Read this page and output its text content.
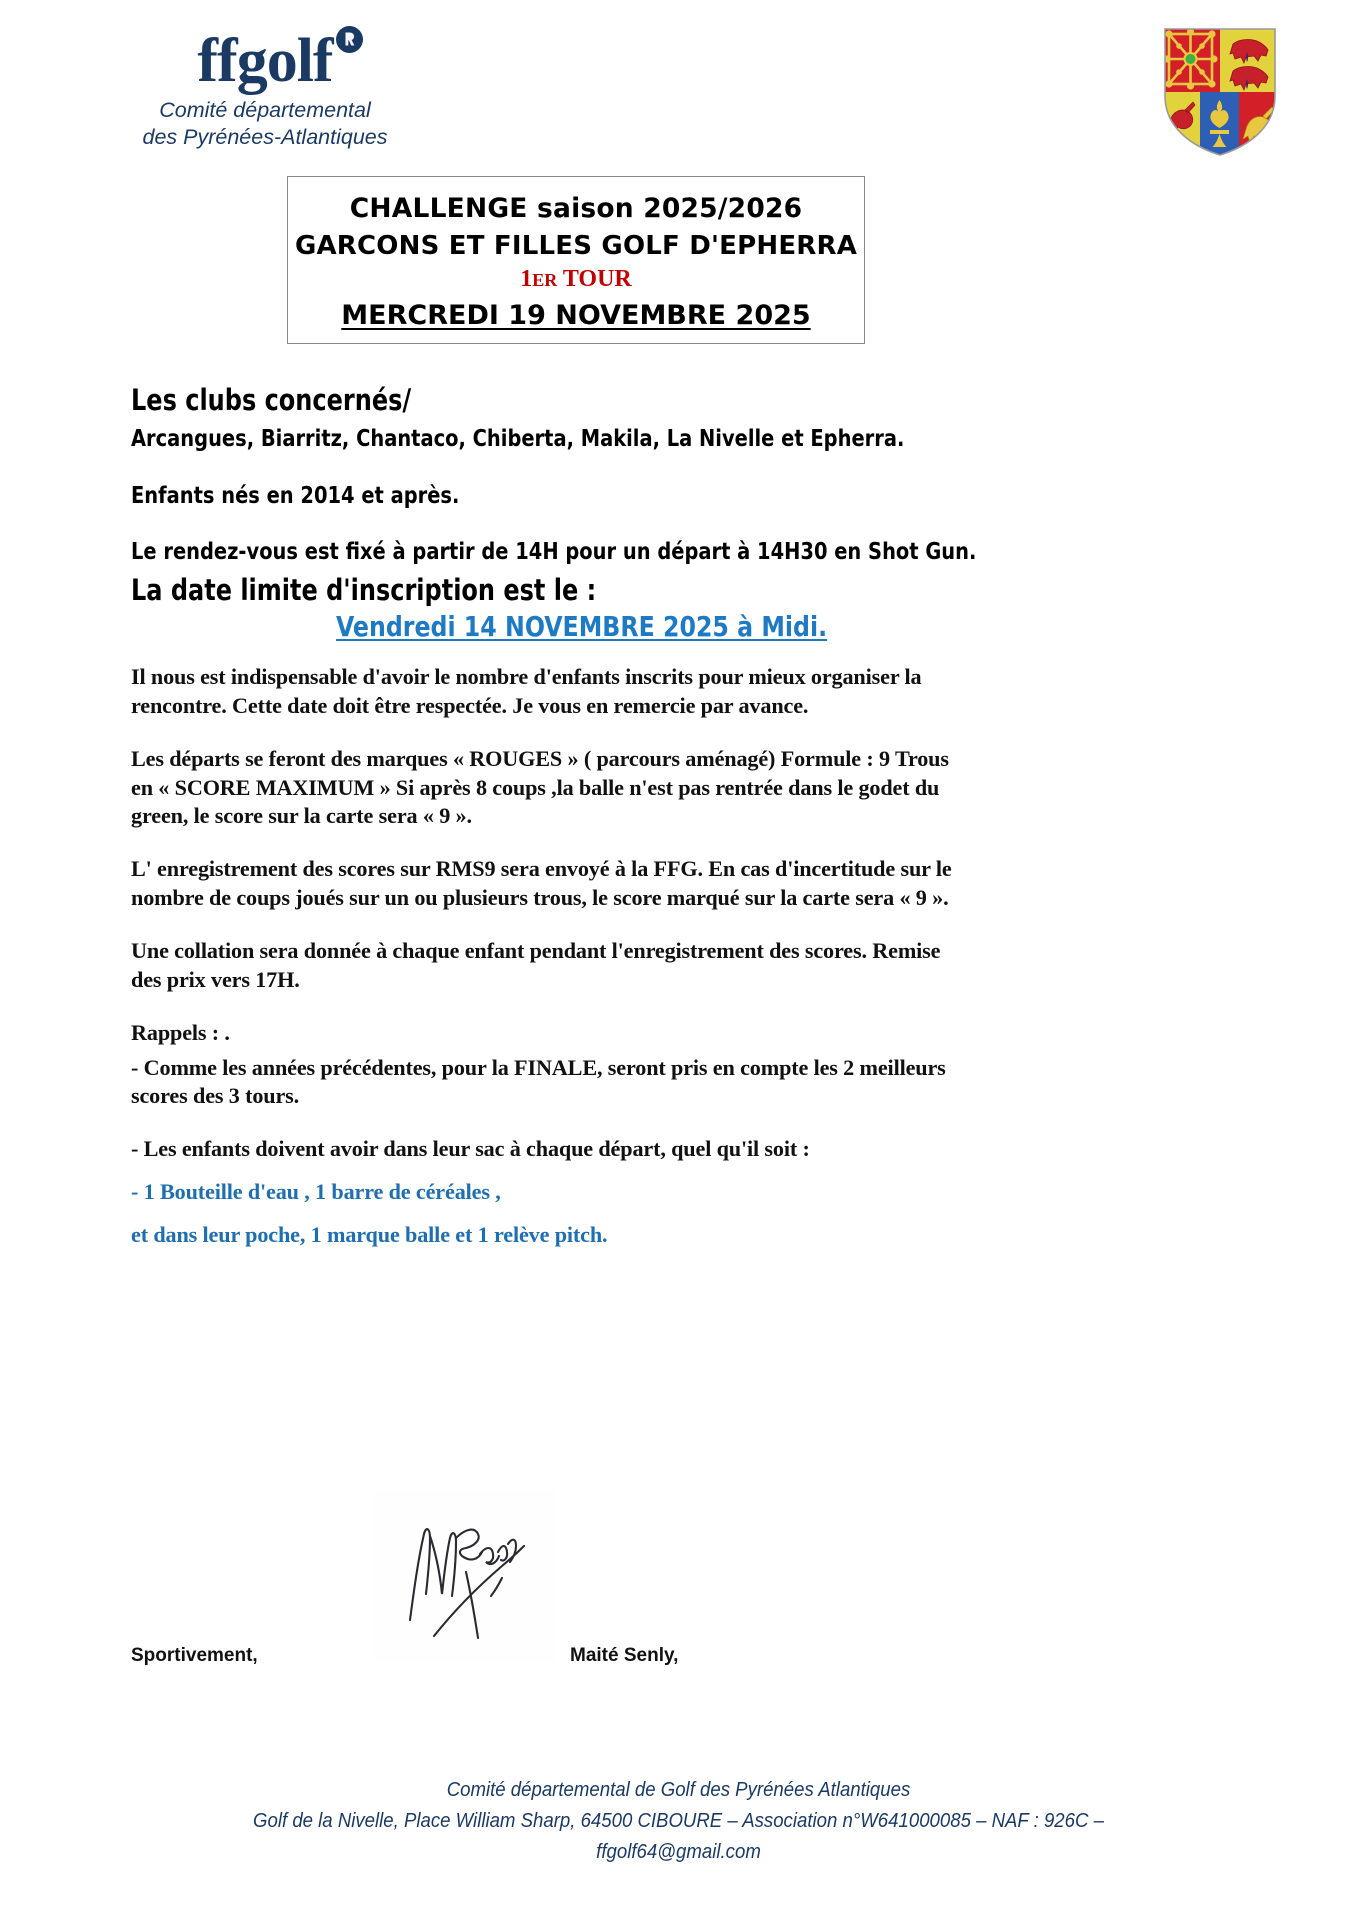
ffgolf
Comité départemental
des Pyrénées-Atlantiques
CHALLENGE saison 2025/2026
GARCONS ET FILLES GOLF D'EPHERRA
1ER TOUR
MERCREDI 19 NOVEMBRE 2025
Les clubs concernés/
Arcangues, Biarritz, Chantaco, Chiberta, Makila, La Nivelle et Epherra.
Enfants nés en 2014 et après.
Le rendez-vous est fixé à partir de 14H pour un départ à 14H30 en Shot Gun.
La date limite d'inscription est le :
Vendredi 14 NOVEMBRE 2025 à Midi.

Il nous est indispensable d'avoir le nombre d'enfants inscrits pour mieux organiser la rencontre. Cette date doit être respectée. Je vous en remercie par avance.

Les départs se feront des marques « ROUGES » ( parcours aménagé) Formule : 9 Trous en « SCORE MAXIMUM » Si après 8 coups ,la balle n'est pas rentrée dans le godet du green, le score sur la carte sera « 9 ».

L' enregistrement des scores sur RMS9 sera envoyé à la FFG. En cas d'incertitude sur le nombre de coups joués sur un ou plusieurs trous, le score marqué sur la carte sera « 9 ».

Une collation sera donnée à chaque enfant pendant l'enregistrement des scores. Remise des prix vers 17H.

Rappels : .

- Comme les années précédentes, pour la FINALE, seront pris en compte les 2 meilleurs scores des 3 tours.

- Les enfants doivent avoir dans leur sac à chaque départ, quel qu'il soit :

- 1 Bouteille d'eau , 1 barre de céréales ,

et dans leur poche, 1 marque balle et 1 relève pitch.

Sportivement,	Maité Senly,
Comité départemental de Golf des Pyrénées Atlantiques
Golf de la Nivelle, Place William Sharp, 64500 CIBOURE – Association n°W641000085 – NAF : 926C –
ffgolf64@gmail.com
